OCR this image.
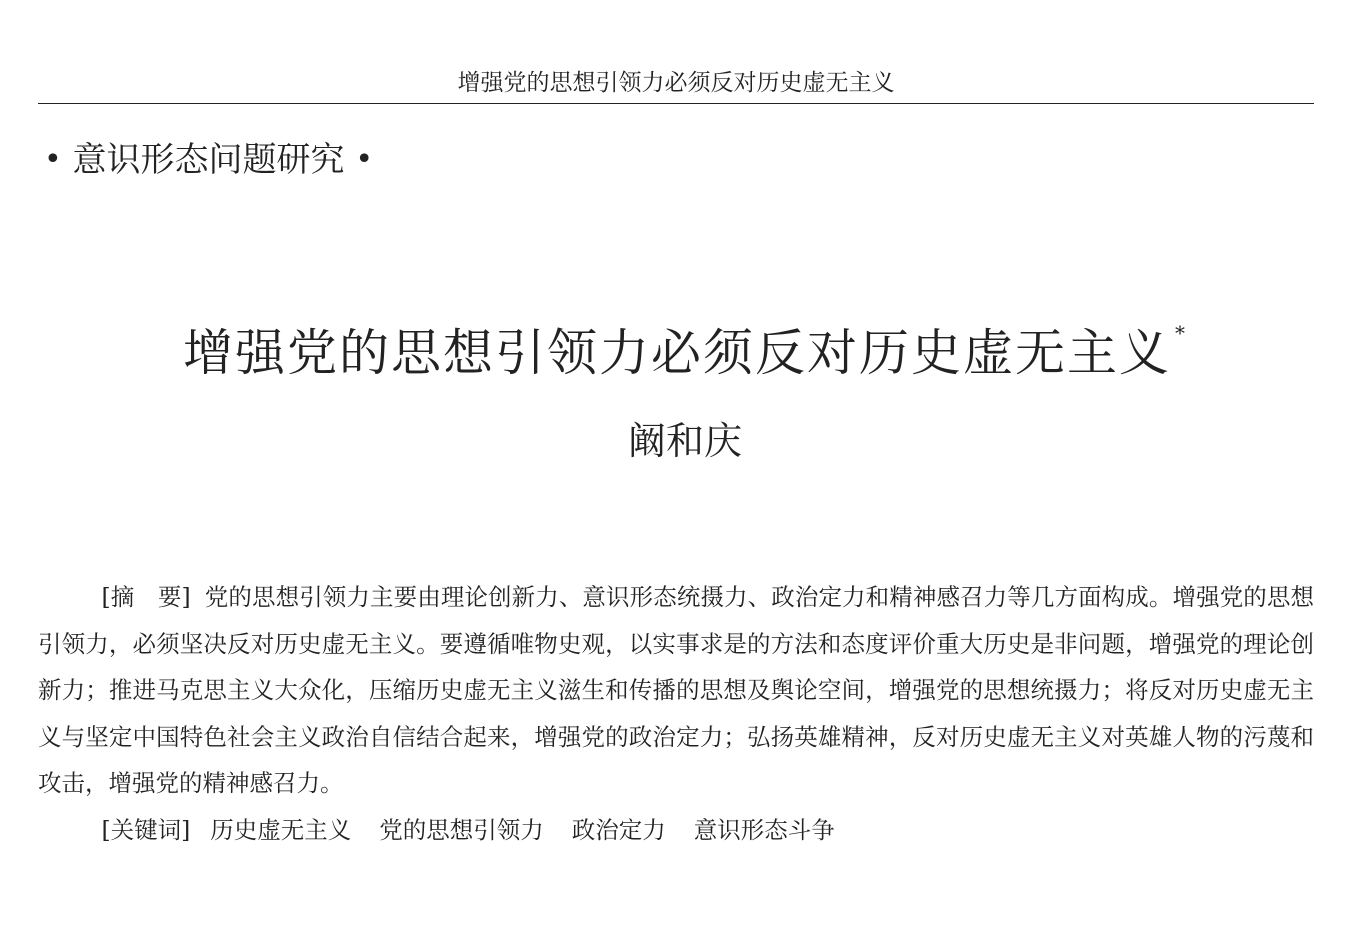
增强党的思想引领力必须反对历史虚无主义
• 意识形态问题研究 •
增强党的思想引领力必须反对历史虚无主义 *
阚和庆

[摘　要] 党的思想引领力主要由理论创新力、意识形态统摄力、政治定力和精神感召力等几方面构成。增强党的思想引领力，必须坚决反对历史虚无主义。要遵循唯物史观，以实事求是的方法和态度评价重大历史是非问题，增强党的理论创新力；推进马克思主义大众化，压缩历史虚无主义滋生和传播的思想及舆论空间，增强党的思想统摄力；将反对历史虚无主义与坚定中国特色社会主义政治自信结合起来，增强党的政治定力；弘扬英雄精神，反对历史虚无主义对英雄人物的污蔑和攻击，增强党的精神感召力。

[关键词] 历史虚无主义 党的思想引领力 政治定力 意识形态斗争
